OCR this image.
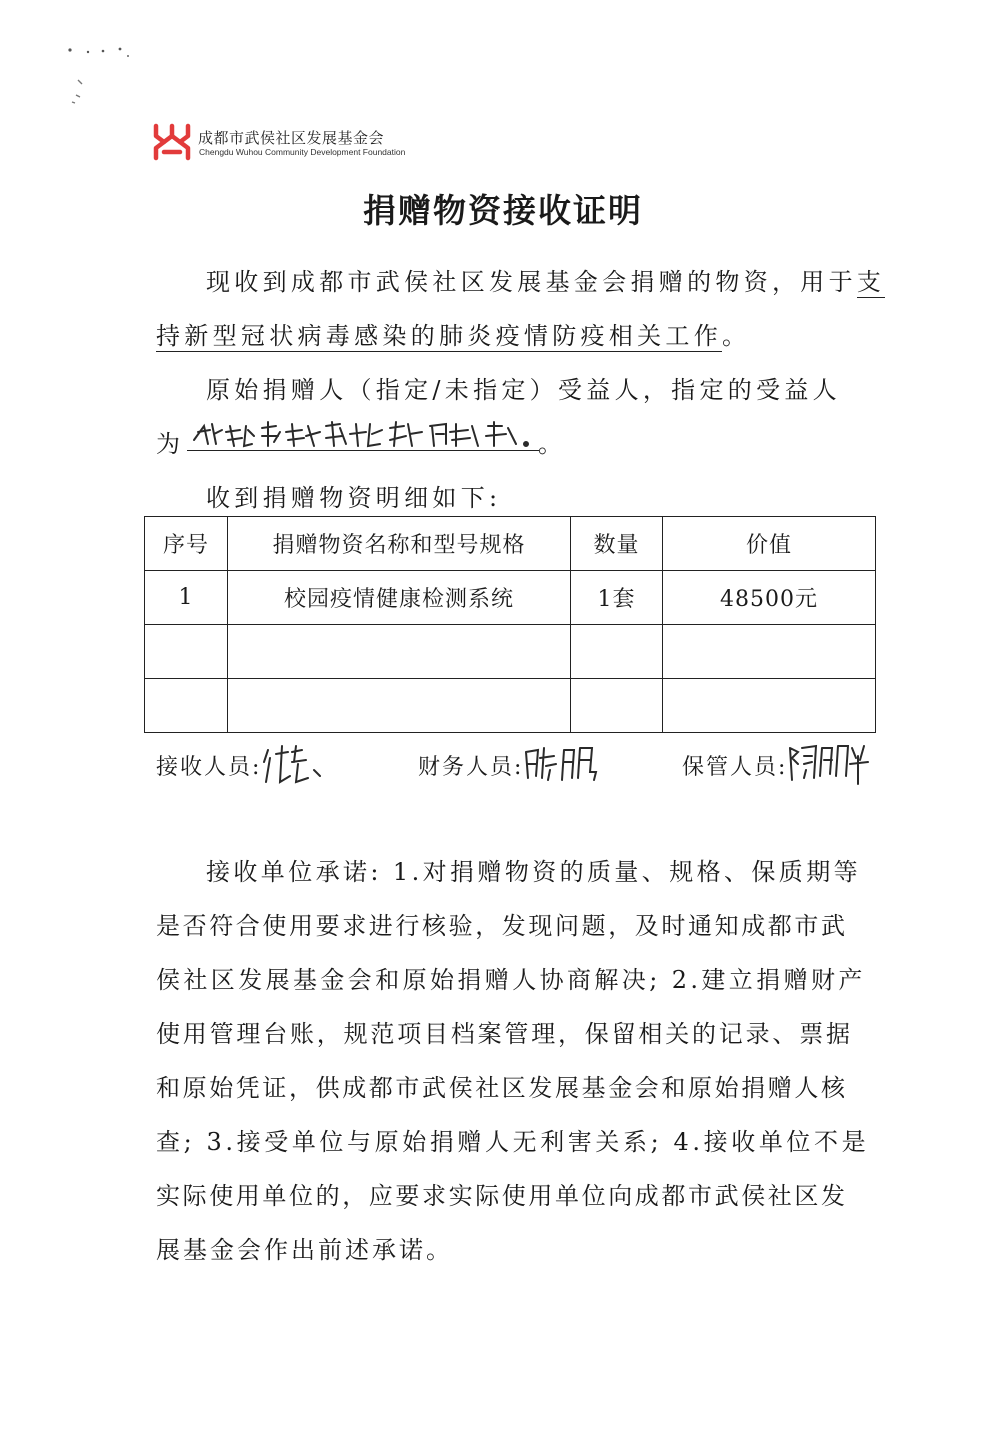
成都市武侯社区发展基金会
Chengdu Wuhou Community Development Foundation
捐赠物资接收证明
现收到成都市武侯社区发展基金会捐赠的物资，用于支
持新型冠状病毒感染的肺炎疫情防疫相关工作。
原始捐赠人（指定/未指定）受益人，指定的受益人
为	。
收到捐赠物资明细如下:
序号	捐赠物资名称和型号规格	数量	价值
1	校园疫情健康检测系统	1套	48500元

接收人员:	财务人员:	保管人员:
接收单位承诺: 1.对捐赠物资的质量、规格、保质期等
是否符合使用要求进行核验，发现问题，及时通知成都市武
侯社区发展基金会和原始捐赠人协商解决; 2.建立捐赠财产
使用管理台账，规范项目档案管理，保留相关的记录、票据
和原始凭证，供成都市武侯社区发展基金会和原始捐赠人核
查; 3.接受单位与原始捐赠人无利害关系; 4.接收单位不是
实际使用单位的，应要求实际使用单位向成都市武侯社区发
展基金会作出前述承诺。
